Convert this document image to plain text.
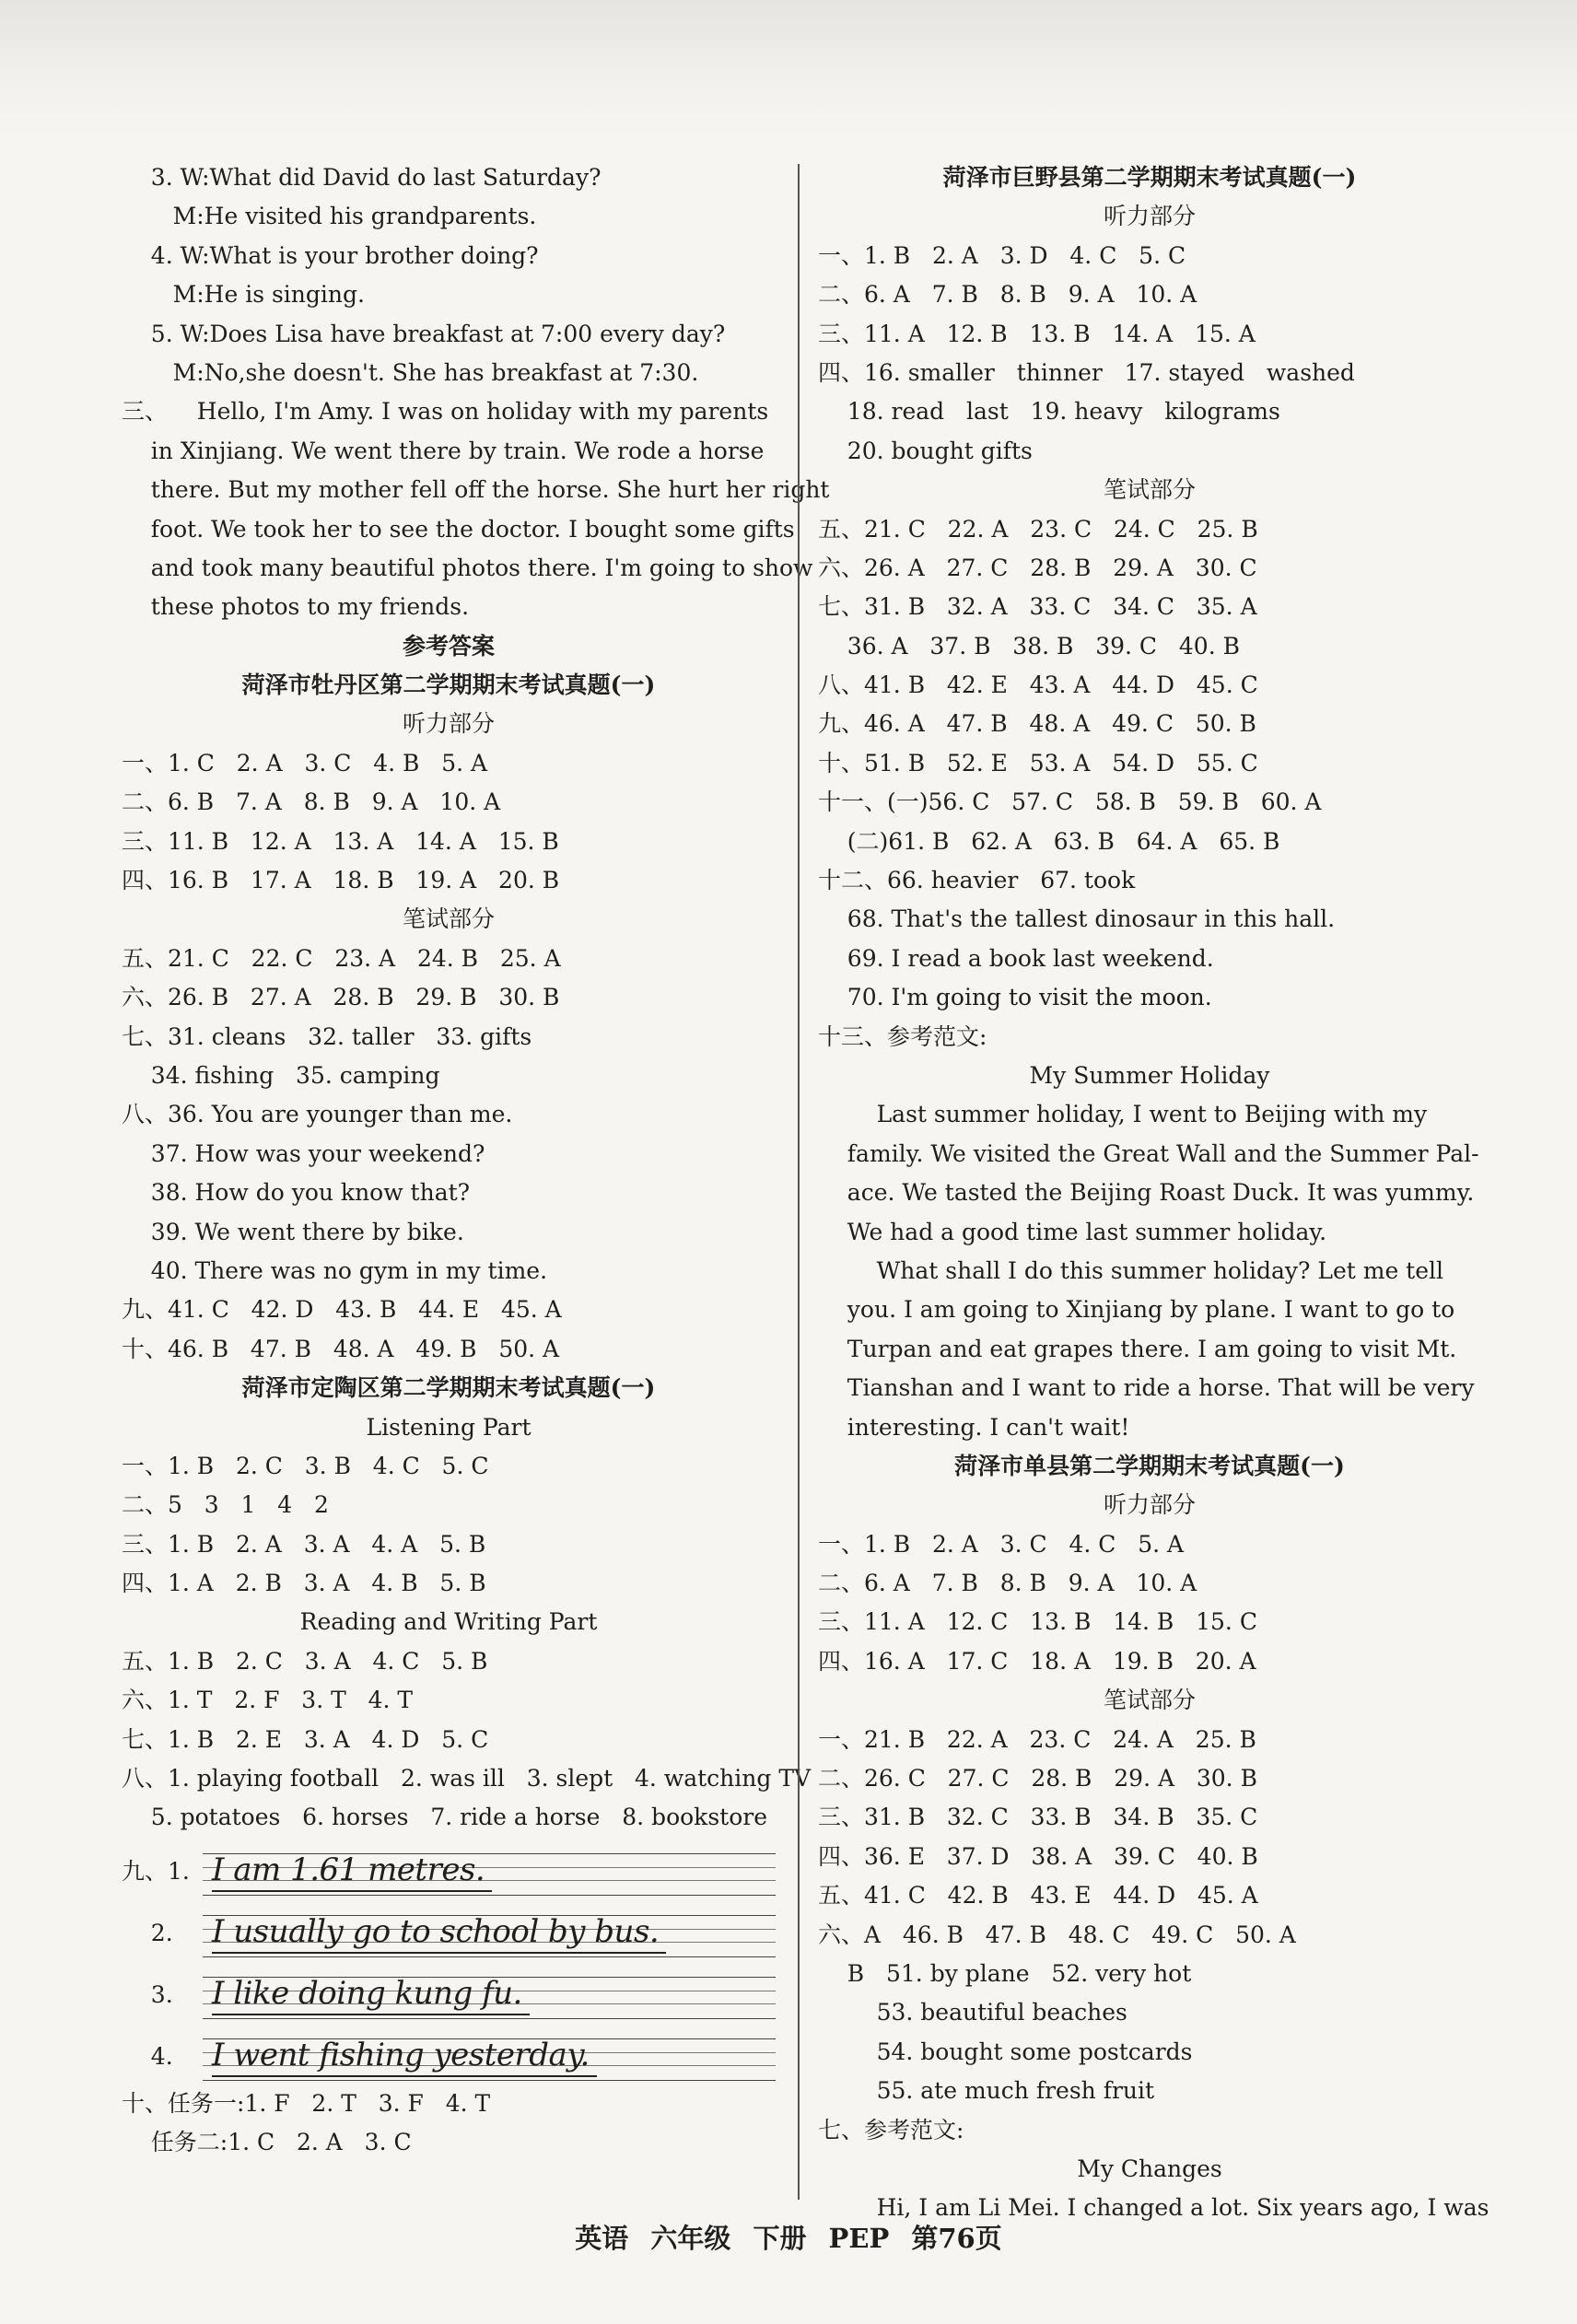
3. W:What did David do last Saturday?
M:He visited his grandparents.
4. W:What is your brother doing?
M:He is singing.
5. W:Does Lisa have breakfast at 7:00 every day?
M:No,she doesn't. She has breakfast at 7:30.
三、    Hello, I'm Amy. I was on holiday with my parents
in Xinjiang. We went there by train. We rode a horse
there. But my mother fell off the horse. She hurt her right
foot. We took her to see the doctor. I bought some gifts
and took many beautiful photos there. I'm going to show
these photos to my friends.
参考答案
菏泽市牡丹区第二学期期末考试真题(一)
听力部分
一、1. C   2. A   3. C   4. B   5. A
二、6. B   7. A   8. B   9. A   10. A
三、11. B   12. A   13. A   14. A   15. B
四、16. B   17. A   18. B   19. A   20. B
笔试部分
五、21. C   22. C   23. A   24. B   25. A
六、26. B   27. A   28. B   29. B   30. B
七、31. cleans   32. taller   33. gifts
34. fishing   35. camping
八、36. You are younger than me.
37. How was your weekend?
38. How do you know that?
39. We went there by bike.
40. There was no gym in my time.
九、41. C   42. D   43. B   44. E   45. A
十、46. B   47. B   48. A   49. B   50. A
菏泽市定陶区第二学期期末考试真题(一)
Listening Part
一、1. B   2. C   3. B   4. C   5. C
二、5   3   1   4   2
三、1. B   2. A   3. A   4. A   5. B
四、1. A   2. B   3. A   4. B   5. B
Reading and Writing Part
五、1. B   2. C   3. A   4. C   5. B
六、1. T   2. F   3. T   4. T
七、1. B   2. E   3. A   4. D   5. C
八、1. playing football   2. was ill   3. slept   4. watching TV
5. potatoes   6. horses   7. ride a horse   8. bookstore
九、1. I am 1.61 metres.
2.	I usually go to school by bus.
3.	I like doing kung fu.
4.	I went fishing yesterday.
十、任务一:1. F   2. T   3. F   4. T
任务二:1. C   2. A   3. C
菏泽市巨野县第二学期期末考试真题(一)
听力部分
一、1. B   2. A   3. D   4. C   5. C
二、6. A   7. B   8. B   9. A   10. A
三、11. A   12. B   13. B   14. A   15. A
四、16. smaller   thinner   17. stayed   washed
18. read   last   19. heavy   kilograms
20. bought gifts
笔试部分
五、21. C   22. A   23. C   24. C   25. B
六、26. A   27. C   28. B   29. A   30. C
七、31. B   32. A   33. C   34. C   35. A
36. A   37. B   38. B   39. C   40. B
八、41. B   42. E   43. A   44. D   45. C
九、46. A   47. B   48. A   49. C   50. B
十、51. B   52. E   53. A   54. D   55. C
十一、(一)56. C   57. C   58. B   59. B   60. A
(二)61. B   62. A   63. B   64. A   65. B
十二、66. heavier   67. took
68. That's the tallest dinosaur in this hall.
69. I read a book last weekend.
70. I'm going to visit the moon.
十三、参考范文:
My Summer Holiday
Last summer holiday, I went to Beijing with my
family. We visited the Great Wall and the Summer Pal-
ace. We tasted the Beijing Roast Duck. It was yummy.
We had a good time last summer holiday.
What shall I do this summer holiday? Let me tell
you. I am going to Xinjiang by plane. I want to go to
Turpan and eat grapes there. I am going to visit Mt.
Tianshan and I want to ride a horse. That will be very
interesting. I can't wait!
菏泽市单县第二学期期末考试真题(一)
听力部分
一、1. B   2. A   3. C   4. C   5. A
二、6. A   7. B   8. B   9. A   10. A
三、11. A   12. C   13. B   14. B   15. C
四、16. A   17. C   18. A   19. B   20. A
笔试部分
一、21. B   22. A   23. C   24. A   25. B
二、26. C   27. C   28. B   29. A   30. B
三、31. B   32. C   33. B   34. B   35. C
四、36. E   37. D   38. A   39. C   40. B
五、41. C   42. B   43. E   44. D   45. A
六、A   46. B   47. B   48. C   49. C   50. A
B   51. by plane   52. very hot
53. beautiful beaches
54. bought some postcards
55. ate much fresh fruit
七、参考范文:
My Changes
Hi, I am Li Mei. I changed a lot. Six years ago, I was
英语 六年级 下册 PEP 第76页
